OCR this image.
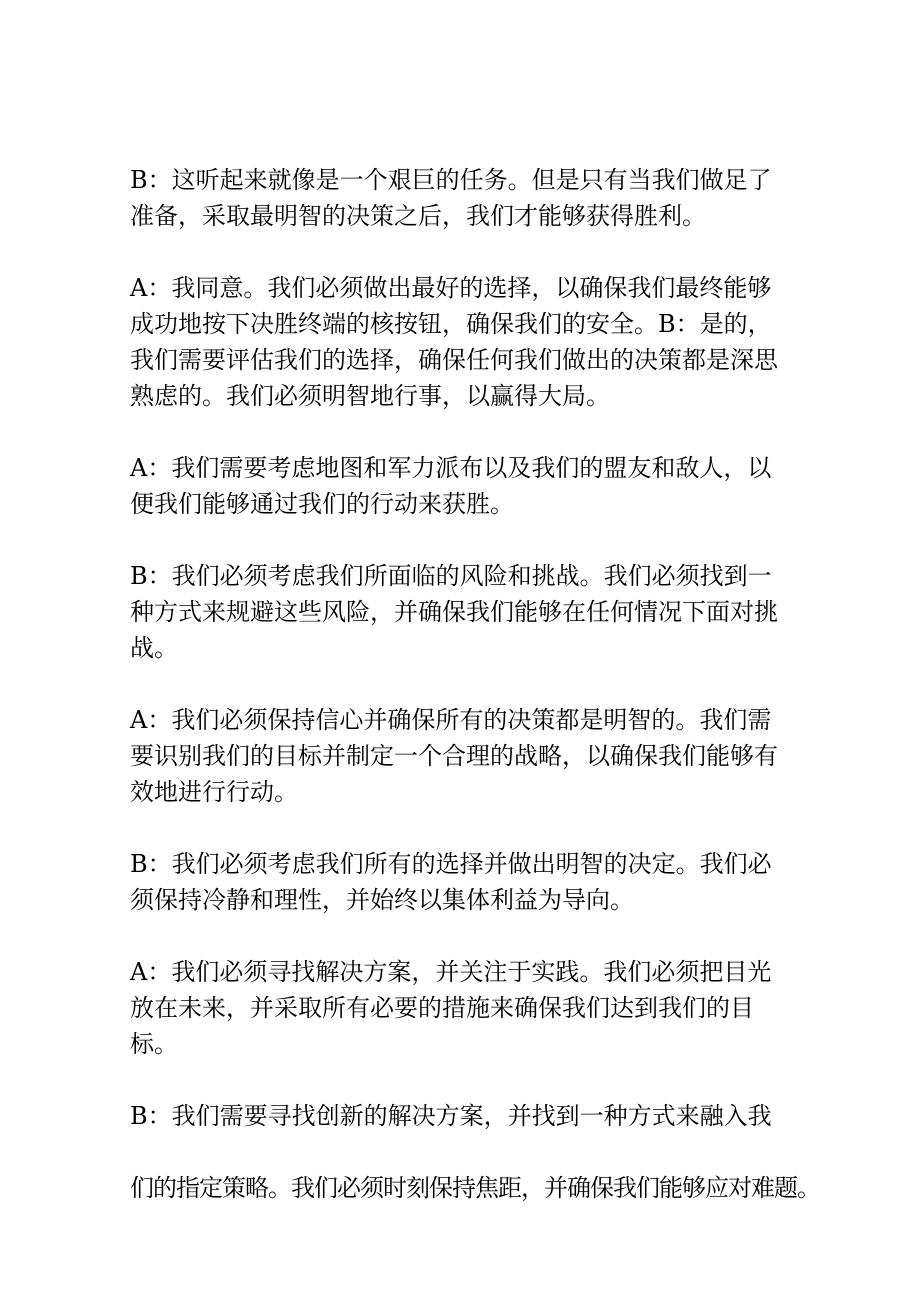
B：这听起来就像是一个艰巨的任务。但是只有当我们做足了准备，采取最明智的决策之后，我们才能够获得胜利。

A：我同意。我们必须做出最好的选择，以确保我们最终能够成功地按下决胜终端的核按钮，确保我们的安全。B：是的，我们需要评估我们的选择，确保任何我们做出的决策都是深思熟虑的。我们必须明智地行事，以赢得大局。

A：我们需要考虑地图和军力派布以及我们的盟友和敌人，以便我们能够通过我们的行动来获胜。

B：我们必须考虑我们所面临的风险和挑战。我们必须找到一种方式来规避这些风险，并确保我们能够在任何情况下面对挑战。

A：我们必须保持信心并确保所有的决策都是明智的。我们需要识别我们的目标并制定一个合理的战略，以确保我们能够有效地进行行动。

B：我们必须考虑我们所有的选择并做出明智的决定。我们必须保持冷静和理性，并始终以集体利益为导向。

A：我们必须寻找解决方案，并关注于实践。我们必须把目光放在未来，并采取所有必要的措施来确保我们达到我们的目标。

B：我们需要寻找创新的解决方案，并找到一种方式来融入我

们的指定策略。我们必须时刻保持焦距，并确保我们能够应对难题。
